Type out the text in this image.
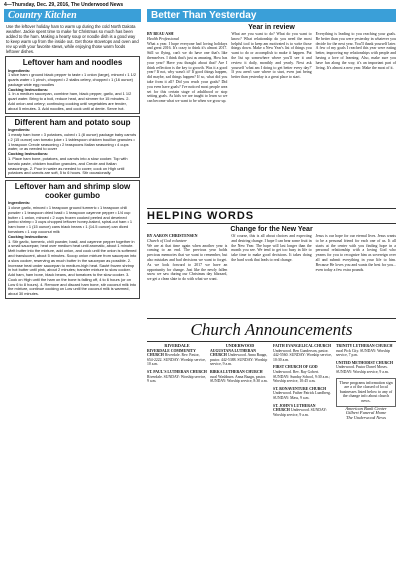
4—Thursday, Dec. 29, 2016, The Underwood News
Country Kitchen
Use the leftover holiday ham to warm up during the cold North Dakota weather. Jackie spent time to make for Christmas so much has been added to the ham. Making a hearty soup or noodle dish is a good way to keep warm up from the inside out. Get those stovetops and oven and rev up with your favorite stews, while enjoying those warm foods leftover dishes.
Leftover ham and noodles
Ingredients:
1 slice ham • ground black pepper to taste • 1 onion (large), minced • 1 1/2 quarts water • 1 pinch, chopped • 2 stalks celery, chopped • 1 (16 ounce) package wide egg noodles
Cooking Instructions:
1. In a medium saucepan, combine ham, black pepper, garlic, and 1 1/2 quart water. Bring to a boil, reduce heat, and simmer for 15 minutes. 2. Add onion and celery; continuing cooking until vegetables are tender, about 5 minutes. 3. Add noodles, and cook until al dente. Serve hot.
Different ham and potato soup
Ingredients:
1 meaty ham bone • 3 potatoes, cubed • 1 (8 ounce) package baby carrots • 2 (15 ounce) can tomato juice • 1 tablespoon chicken bouillon granules • 1 teaspoon Creole seasoning • 2 teaspoons Italian seasoning • 4 cups water, or as needed to cover
Cooking Instructions:
1. Place ham bone, potatoes, and carrots into a slow cooker. Top with tomato paste, chicken bouillon granules, and Creole and Italian seasonings. 2. Pour in water as needed to cover; cook on High until potatoes and carrots are soft, 5 to 6 hours. Stir occasionally.
Leftover ham and shrimp slow cooker gumbo
Ingredients:
1 clove garlic, minced • 1 teaspoon ground turmeric • 1 teaspoon chili powder • 1 teaspoon dried basil • 1 teaspoon cayenne pepper • 1/4 cup butter • 1 onion, minced • 2 cups frozen cooked peeled and deveined jumbo shrimp • 3 cups chopped leftover honey-baked, spiral-cut ham • 1 ham bone • 1 (15 ounce) cans black beans • 1 (14.5 ounce) can diced tomatoes • 1 cup coconut milk
Cooking Instructions:
1. Stir garlic, turmeric, chili powder, basil, and cayenne pepper together in a small saucepan; heat over medium heat until aromatic, about 1 minute. Melt butter into the mixture, add onion, and cook until the onion is softened and translucent, about 5 minutes. Scoop onion mixture from saucepan into a slow cooker, reserving as much butter in the saucepan as possible. 2. Increase heat under saucepan to medium-high heat. Sauté frozen shrimp in hot butter until pink, about 2 minutes; transfer mixture to slow cooker. Add ham, ham bone, black beans, and tomatoes to the slow cooker. 3. Cook on High until the ham on the bone is falling off, 4 to 6 hours (or on Low 6 to 8 hours). 4. Remove and discard ham bone, stir coconut milk into the mixture, continue cooking on Low until the coconut milk is warmed, about 30 minutes.
Better Than Yesterday
Year in review
BY BEAU ASH
Health Professional
What a year. I hope everyone had loving holidays and great 2016. It's crazy to think it's almost 2017. Still so flying, can't we do have one that's like themselves. I think that's just as amazing. How has your year? Have you thought about that? Are I think reflection is the key to growth. Was it a good year? If not, why wasn't it? If good things happen, did maybe, sad things happen? If so, what did you take from it all? Did you reach your goals? Did you even have goals? I've noticed most people area set for this certain stage of adulthood or stop setting goals. As kids we are taught to learn so we can become what we want to be when we grow up.
What are you want to do? What do you want to know? What relationship do you need the most helpful tool to keep am motivated is to write those things down. Make a New Year's list of things you want to do or accomplish to make it happen. Put the list up somewhere where you'll see it and review it daily, monthly and yearly. Next ask yourself 'what am I doing to get better every day?' If you aren't sure where to start, even just being better than yesterday is a great place to start.
Everything is leading to you reaching your goals. Be better than you were yesterday in whatever you decide for the next year. You'll thank yourself later. A few of my goals I reached this year were eating better, improving my relationships with people and having a love of learning. Also, make sure you have fun along the way, it's an important part of living. It's almost a new year. Make the most of it.
HELPING WORDS
Change for the New Year
BY AARON CHRISTENSEN
Church of God volunteer
We are at that time again when another year is coming to an end. The previous year holds precious memories that we want to remember, but also mistakes and bad decisions we want to forget. As we look forward to 2017 we have an opportunity for change. Just like the newly fallen snow we saw during our Christmas day blizzard, we get a clean slate to do with what we want.
Of course, this is all about choices and expecting and desiring change. I hope I can bear some fruit in the New Year. The hope will last longer than the month you see. We tend to get too busy in life to take time to make good decisions. It takes doing the hard work that leads to real change.
Jesus is our hope for our eternal lives. Jesus wants to be a personal friend for each one of us. It all starts at the center with you finding hope in a personal relationship with a loving God who yearns for you to recognize him as sovereign over all and submit everything in your life to him. Because He loves you and wants the best for you... even today a few extra pounds.
Church Announcements
RIVERDALE
RIVERDALE COMMUNITY CHURCH Riverdale. Rev. Pastor, 654-2222. SUNDAY: Worship service, 10 a.m.
ST. PAUL'S LUTHERAN CHURCH Riverdale. SUNDAY: Worship service, 9 a.m.
UNDERWOOD
AUGUSTANA LUTHERAN CHURCH Underwood. Anna Baagn, pastor. 442-5388. SUNDAY: Worship service, 9 a.m.
BIRKA LUTHERAN CHURCH rural Washburn. Anna Baagn, pastor. SUNDAY: Worship service, 8:30 a.m.
FAITH EVANGELICAL CHURCH Underwood. Ben Gunderson, pastor. 442-5560. SUNDAY: Worship service, 10:30 a.m.
FIRST CHURCH OF GOD Underwood. Rev. Ray Gobert. SUNDAY: Sunday School, 9:30 a.m.; Worship service, 10:45 a.m.
ST. BONAVENTURE CHURCH Underwood. Father Patrick Lundberg. SUNDAY: Mass, 9 a.m.
ST. JOHN'S LUTHERAN CHURCH Underwood. SUNDAY: Worship service, 9 a.m.
TRINITY LUTHERAN CHURCH rural Pick City. SUNDAY: Worship service, 7 p.m.
UNITED METHODIST CHURCH Underwood. Pastor Darrel Moses. SUNDAY: Worship service, 9 a.m.
These programs information sign are a of the classed of local businesses listed below to any of the change info about church news.
American Bank Center
Gilbert Funeral Home
The Underwood News
